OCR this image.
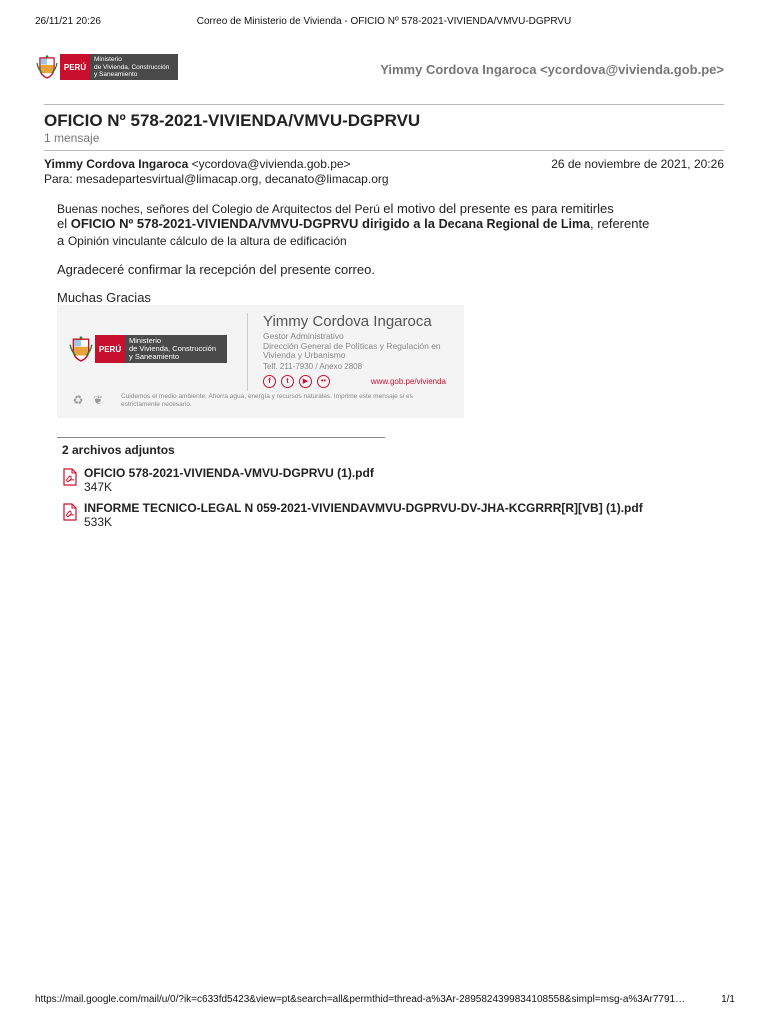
26/11/21 20:26	Correo de Ministerio de Vivienda - OFICIO Nº 578-2021-VIVIENDA/VMVU-DGPRVU
PERÚ
Ministerio
de Vivienda, Construcción
y Saneamiento	Yimmy Cordova Ingaroca <ycordova@vivienda.gob.pe>
OFICIO Nº 578-2021-VIVIENDA/VMVU-DGPRVU
1 mensaje
Yimmy Cordova Ingaroca <ycordova@vivienda.gob.pe>	26 de noviembre de 2021, 20:26
Para: mesadepartesvirtual@limacap.org, decanato@limacap.org
Buenas noches, señores del Colegio de Arquitectos del Perú el motivo del presente es para remitirles
el OFICIO Nº 578-2021-VIVIENDA/VMVU-DGPRVU dirigido a la Decana Regional de Lima, referente
a Opinión vinculante cálculo de la altura de edificación
Agradeceré confirmar la recepción del presente correo.
Muchas Gracias
PERÚ
Ministerio
de Vivienda, Construcción
y Saneamiento
Yimmy Cordova Ingaroca
Gestor Administrativo
Dirección General de Políticas y Regulación en
Vivienda y Urbanismo
Telf. 211-7930 / Anexo 2808
f	t	▶	••	www.gob.pe/vivienda
♻ ❦	Cuidemos el medio ambiente. Ahorra agua, energía y recursos naturales. Imprime este mensaje si es
estrictamente necesario.
2 archivos adjuntos
OFICIO 578-2021-VIVIENDA-VMVU-DGPRVU (1).pdf
347K
INFORME TECNICO-LEGAL N 059-2021-VIVIENDAVMVU-DGPRVU-DV-JHA-KCGRRR[R][VB] (1).pdf
533K
https://mail.google.com/mail/u/0/?ik=c633fd5423&view=pt&search=all&permthid=thread-a%3Ar-2895824399834108558&simpl=msg-a%3Ar7791…	1/1
